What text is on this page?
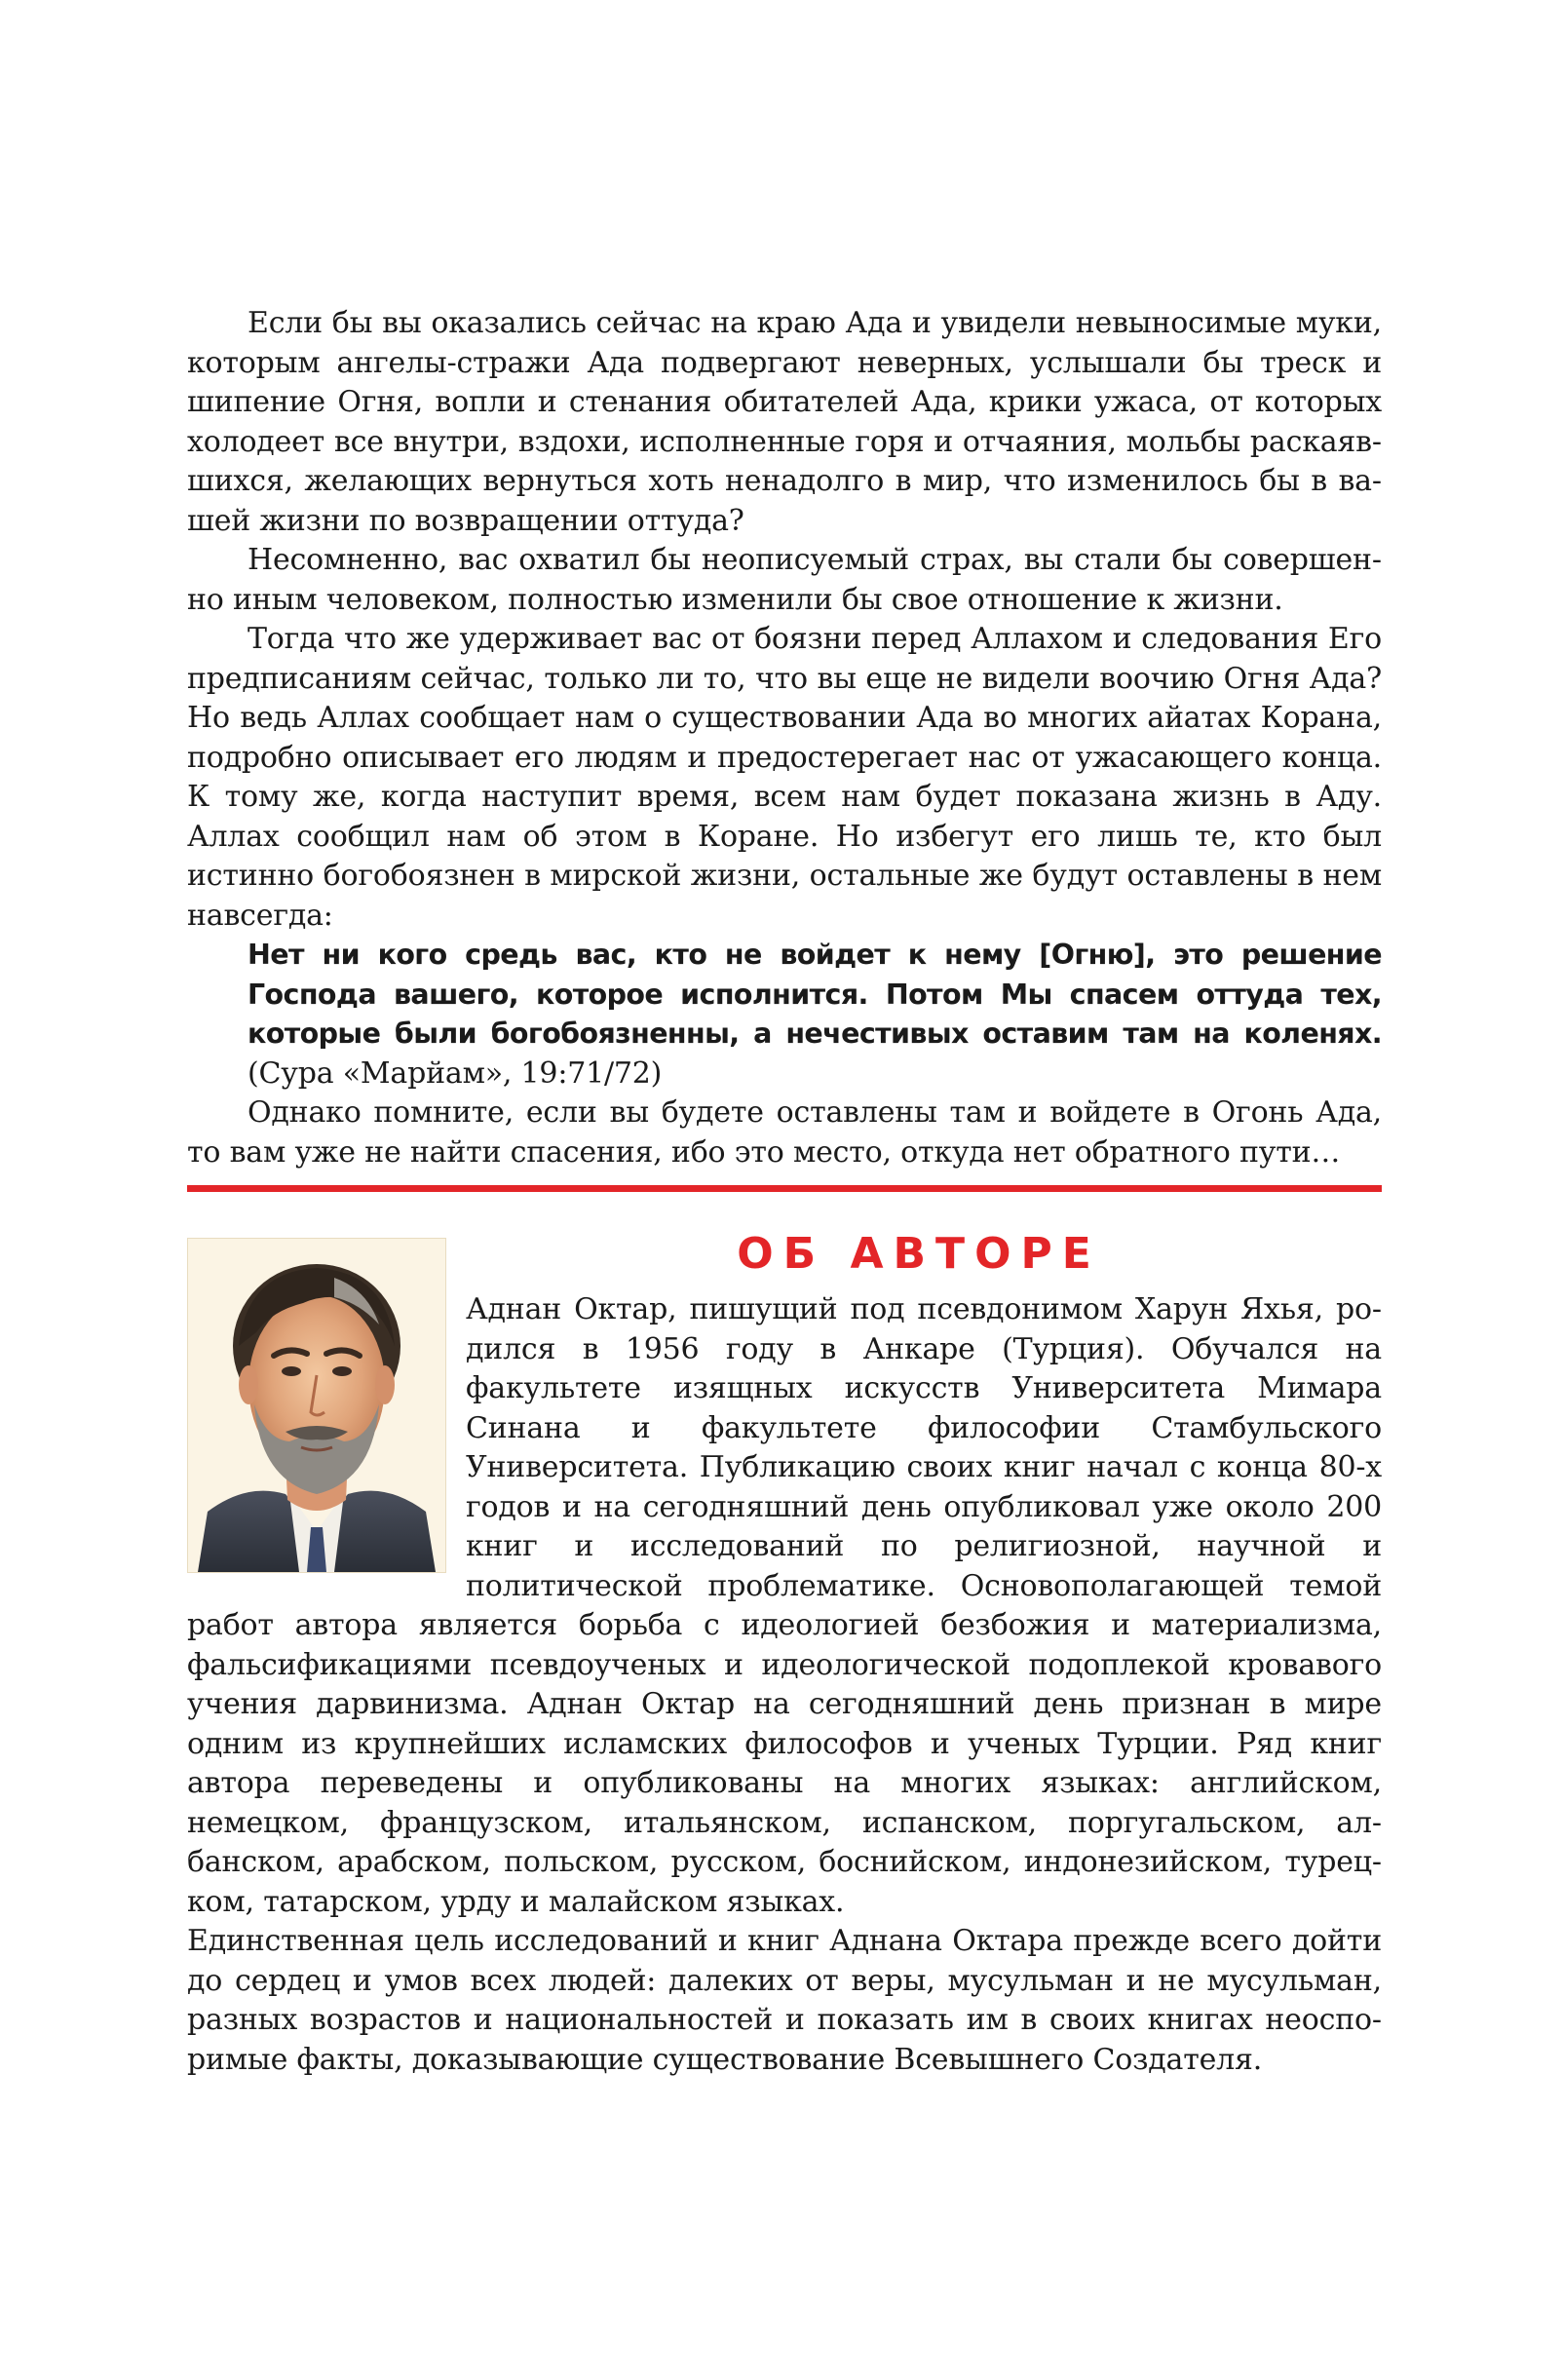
Если бы вы оказались сейчас на краю Ада и увидели невыносимые муки, которым ангелы-стражи Ада подвергают неверных, услышали бы треск и шипение Огня, вопли и стенания обитателей Ада, крики ужаса, от которых холодеет все внутри, вздохи, исполненные горя и отчаяния, мольбы раскаявшихся, желающих вернуться хоть ненадолго в мир, что изменилось бы в вашей жизни по возвращении оттуда?

Несомненно, вас охватил бы неописуемый страх, вы стали бы совершенно иным человеком, полностью изменили бы свое отношение к жизни.

Тогда что же удерживает вас от боязни перед Аллахом и следования Его предписаниям сейчас, только ли то, что вы еще не видели воочию Огня Ада? Но ведь Аллах сообщает нам о существовании Ада во многих айатах Корана, подробно описывает его людям и предостерегает нас от ужасающего конца. К тому же, когда наступит время, всем нам будет показана жизнь в Аду. Аллах сообщил нам об этом в Коране. Но избегут его лишь те, кто был истинно богобоязнен в мирской жизни, остальные же будут оставлены в нем навсегда:

Нет ни кого средь вас, кто не войдет к нему [Огню], это решение Господа вашего, которое исполнится. Потом Мы спасем оттуда тех, которые были богобоязненны, а нечестивых оставим там на коленях. (Сура «Марйам», 19:71/72)

Однако помните, если вы будете оставлены там и войдете в Огонь Ада, то вам уже не найти спасения, ибо это место, откуда нет обратного пути…

ОБ АВТОРЕ

Аднан Октар, пишущий под псевдонимом Харун Яхья, родился в 1956 году в Анкаре (Турция). Обучался на факультете изящных искусств Университета Мимара Синана и факультете философии Стамбульского Университета. Публикацию своих книг начал с конца 80-х годов и на сегодняшний день опубликовал уже около 200 книг и исследований по религиозной, научной и политической проблематике. Основополагающей темой работ автора является борьба с идеологией безбожия и материализма, фальсификациями псевдоученых и идеологической подоплекой кровавого учения дарвинизма. Аднан Октар на сегодняшний день признан в мире одним из крупнейших исламских философов и ученых Турции. Ряд книг автора переведены и опубликованы на многих языках: английском, немецком, французском, итальянском, испанском, поргугальском, албанском, арабском, польском, русском, боснийском, индонезийском, турецком, татарском, урду и малайском языках.

Единственная цель исследований и книг Аднана Октара прежде всего дойти до сердец и умов всех людей: далеких от веры, мусульман и не мусульман, разных возрастов и национальностей и показать им в своих книгах неоспоримые факты, доказывающие существование Всевышнего Создателя.
